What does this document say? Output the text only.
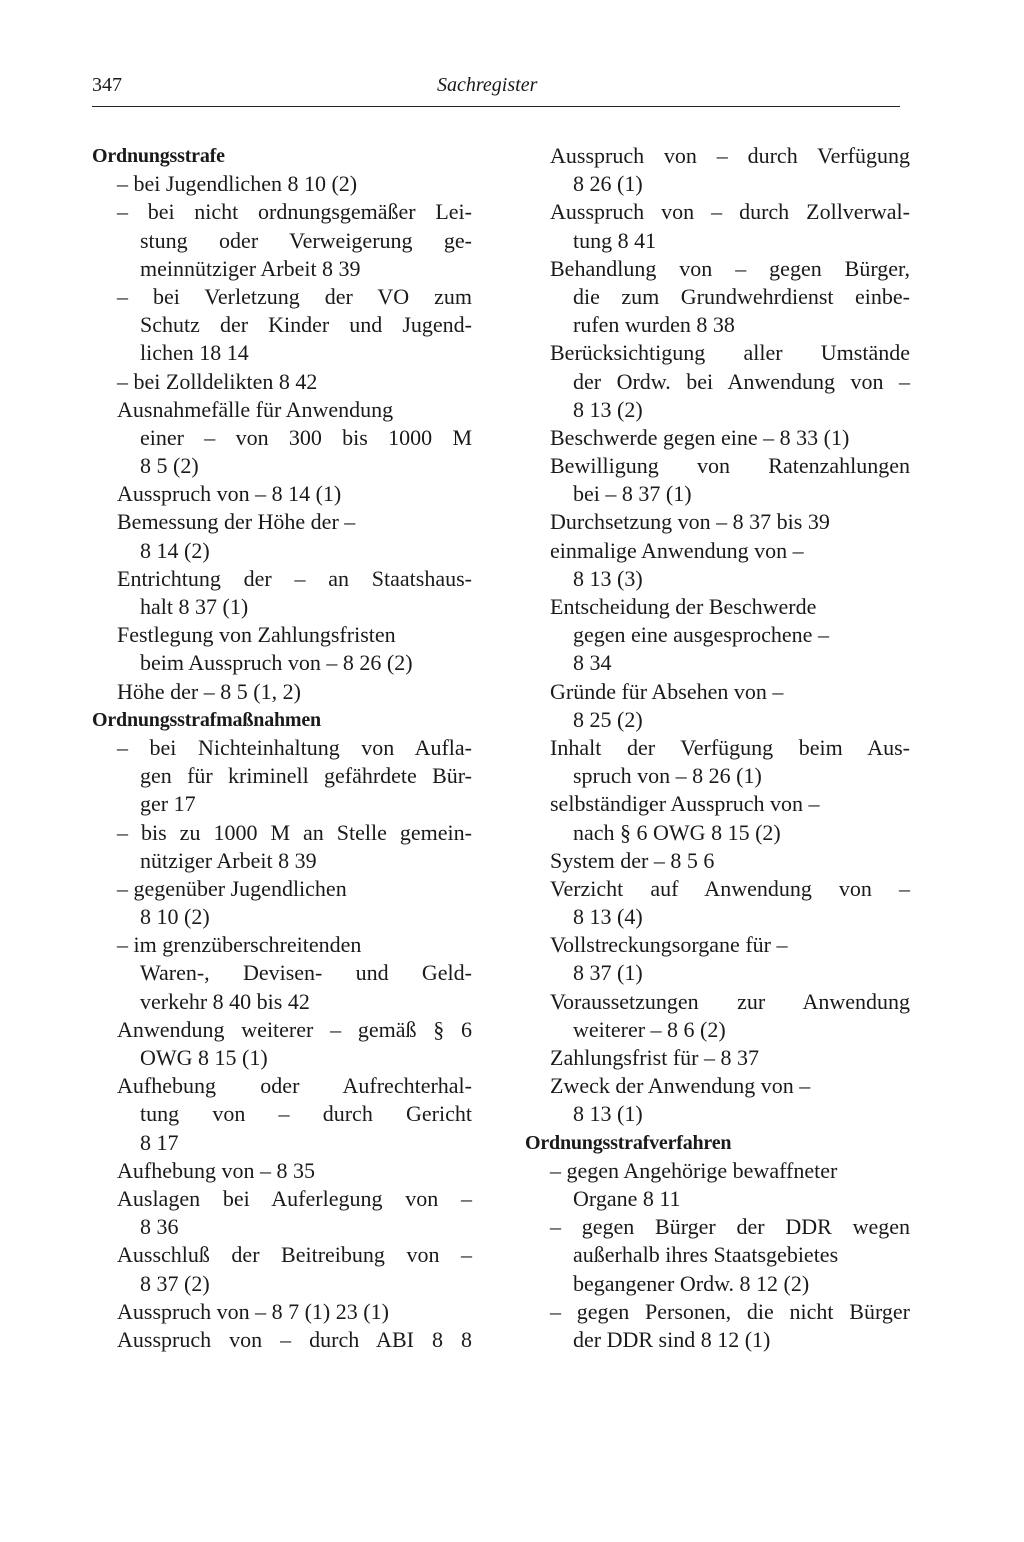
347	Sachregister
Ordnungsstrafe
– bei Jugendlichen 8 10 (2)
– bei nicht ordnungsgemäßer Lei-
stung oder Verweigerung ge-
meinnütziger Arbeit 8 39
– bei Verletzung der VO zum
Schutz der Kinder und Jugend-
lichen 18 14
– bei Zolldelikten 8 42
Ausnahmefälle für Anwendung
einer – von 300 bis 1000 M
8 5 (2)
Ausspruch von – 8 14 (1)
Bemessung der Höhe der –
8 14 (2)
Entrichtung der – an Staatshaus-
halt 8 37 (1)
Festlegung von Zahlungsfristen
beim Ausspruch von – 8 26 (2)
Höhe der – 8 5 (1, 2)
Ordnungsstrafmaßnahmen
– bei Nichteinhaltung von Aufla-
gen für kriminell gefährdete Bür-
ger 17
– bis zu 1000 M an Stelle gemein-
nütziger Arbeit 8 39
– gegenüber Jugendlichen
8 10 (2)
– im grenzüberschreitenden
Waren-, Devisen- und Geld-
verkehr 8 40 bis 42
Anwendung weiterer – gemäß § 6
OWG 8 15 (1)
Aufhebung oder Aufrechterhal-
tung von – durch Gericht
8 17
Aufhebung von – 8 35
Auslagen bei Auferlegung von –
8 36
Ausschluß der Beitreibung von –
8 37 (2)
Ausspruch von – 8 7 (1) 23 (1)
Ausspruch von – durch ABI 8 8
Ausspruch von – durch Verfügung
8 26 (1)
Ausspruch von – durch Zollverwal-
tung 8 41
Behandlung von – gegen Bürger,
die zum Grundwehrdienst einbe-
rufen wurden 8 38
Berücksichtigung aller Umstände
der Ordw. bei Anwendung von –
8 13 (2)
Beschwerde gegen eine – 8 33 (1)
Bewilligung von Ratenzahlungen
bei – 8 37 (1)
Durchsetzung von – 8 37 bis 39
einmalige Anwendung von –
8 13 (3)
Entscheidung der Beschwerde
gegen eine ausgesprochene –
8 34
Gründe für Absehen von –
8 25 (2)
Inhalt der Verfügung beim Aus-
spruch von – 8 26 (1)
selbständiger Ausspruch von –
nach § 6 OWG 8 15 (2)
System der – 8 5 6
Verzicht auf Anwendung von –
8 13 (4)
Vollstreckungsorgane für –
8 37 (1)
Voraussetzungen zur Anwendung
weiterer – 8 6 (2)
Zahlungsfrist für – 8 37
Zweck der Anwendung von –
8 13 (1)
Ordnungsstrafverfahren
– gegen Angehörige bewaffneter
Organe 8 11
– gegen Bürger der DDR wegen
außerhalb ihres Staatsgebietes
begangener Ordw. 8 12 (2)
– gegen Personen, die nicht Bürger
der DDR sind 8 12 (1)
